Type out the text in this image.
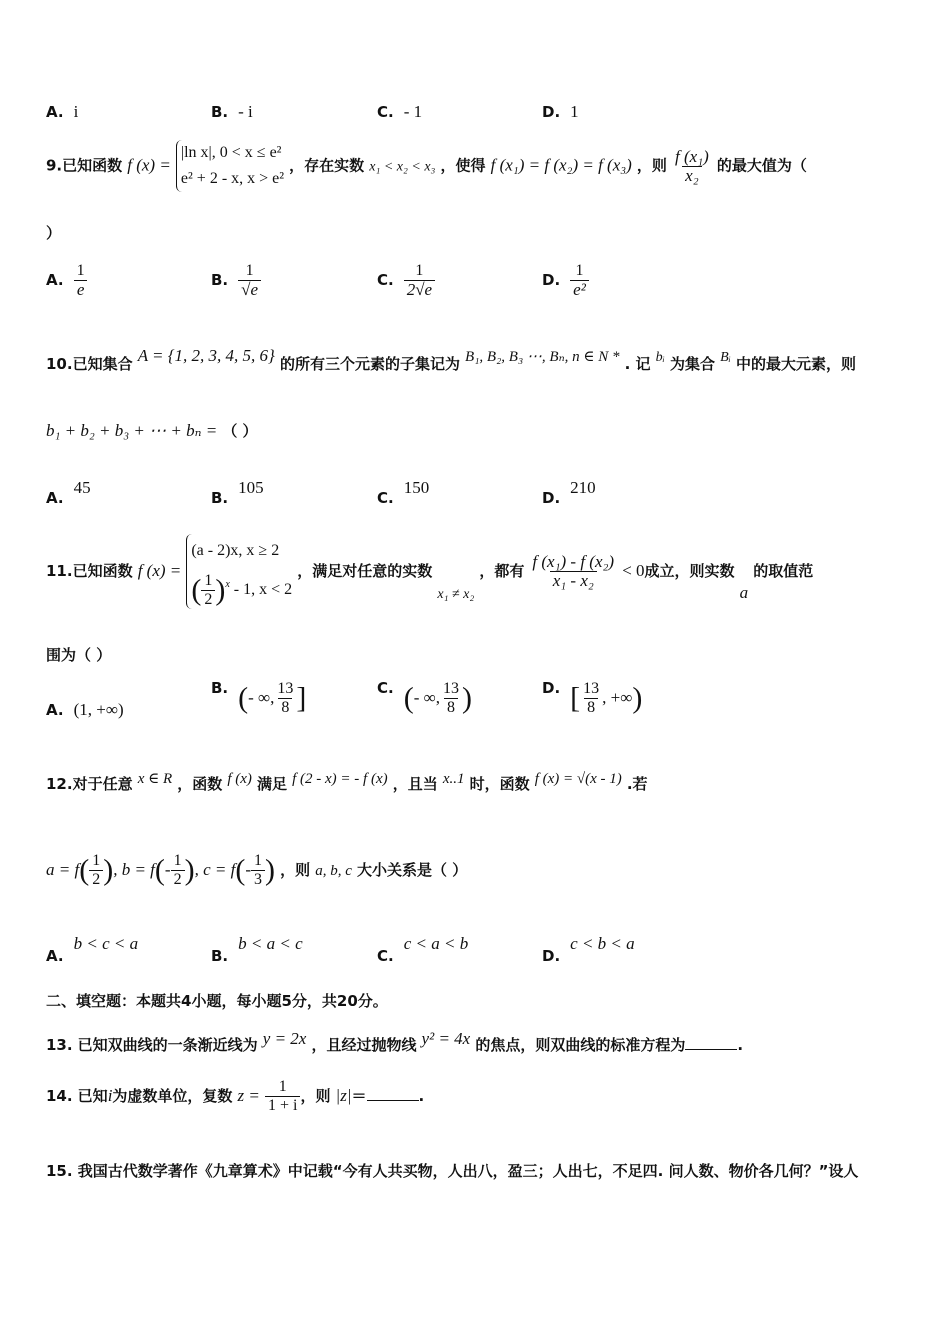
A. i	B. - i	C. - 1	D. 1
9.已知函数 f (x) = |ln x|, 0 < x ≤ e²
e² + 2 - x, x > e² ，存在实数 x₁ < x₂ < x₃ ，使得 f (x₁) = f (x₂) = f (x₃) ，则 $\frac{\text{f (x₁)}}{\text{x₂}}$ 的最大值为（
）
A. $\frac{1}{e}$	B. $\frac{1}{√e}$	C. $\frac{1}{2√e}$	D. $\frac{1}{\text{e²}}$
10.已知集合 A = {1, 2, 3, 4, 5, 6} 的所有三个元素的子集记为 B₁, B₂, B₃ ⋯, Bₙ, n ∈ N * . 记 bᵢ 为集合 Bᵢ 中的最大元素，则
b₁ + b₂ + b₃ + ⋯ + bₙ = （ ）
A.45
B.105
C.150
D.210
11.已知函数 f (x) = (a - 2)x, x ≥ 2
( $\frac{1}{2} )^x - 1$, x < 2 ，满足对任意的实数 x₁ ≠ x₂ ，都有 $\frac{\text{f (x₁) - f (x₂)}}{\text{x₁ - x₂}} < 0$成立，则实数 a 的取值范
围为（ ）
A. (1, +∞)
B. (- ∞, $\frac{13}{8}$ ]	C. (- ∞, $\frac{13}{8}$ )	D. [ $\frac{13}{8}$ , +∞)
12.对于任意 x ∈ R ，函数 f (x) 满足 f (2 - x) = - f (x) ，且当 x..1 时，函数 f (x) = √(x - 1) .若
$a = f( \frac{1}{2}$ ), $b = f(- \frac{1}{2}$ ), $c = f(- \frac{1}{3}$ ) ，则 a, b, c 大小关系是（ ）
A.b < c < a
B.b < a < c
C.c < a < b
D.c < b < a
二、填空题：本题共4小题，每小题5分，共20分。
13. 已知双曲线的一条渐近线为 y = 2x ，且经过抛物线 y² = 4x 的焦点，则双曲线的标准方程为	.
14. 已知i为虚数单位，复数 $z = \frac{1}{1 + i}$ ，则 |z|＝	.
15. 我国古代数学著作《九章算术》中记载“今有人共买物，人出八，盈三；人出七，不足四. 问人数、物价各几何？”设人
